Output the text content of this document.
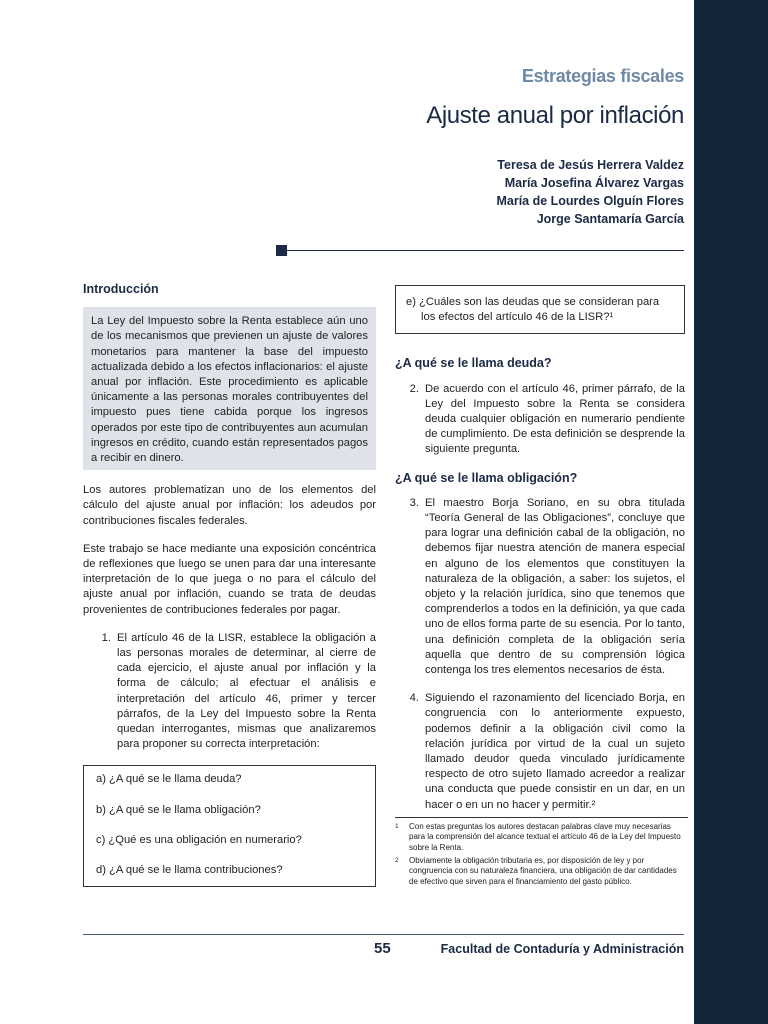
Estrategias fiscales
Ajuste anual por inflación
Teresa de Jesús Herrera Valdez
María Josefina Álvarez Vargas
María de Lourdes Olguín Flores
Jorge Santamaría García
Introducción
La Ley del Impuesto sobre la Renta establece aún uno de los mecanismos que previenen un ajuste de valores monetarios para mantener la base del impuesto actualizada debido a los efectos inflacionarios: el ajuste anual por inflación. Este procedimiento es aplicable únicamente a las personas morales contribuyentes del impuesto pues tiene cabida porque los ingresos operados por este tipo de contribuyentes aun acumulan ingresos en crédito, cuando están representados pagos a recibir en dinero.

Los autores problematizan uno de los elementos del cálculo del ajuste anual por inflación: los adeudos por contribuciones fiscales federales.

Este trabajo se hace mediante una exposición concéntrica de reflexiones que luego se unen para dar una interesante interpretación de lo que juega o no para el cálculo del ajuste anual por inflación, cuando se trata de deudas provenientes de contribuciones federales por pagar.

1. El artículo 46 de la LISR, establece la obligación a las personas morales de determinar, al cierre de cada ejercicio, el ajuste anual por inflación y la forma de cálculo; al efectuar el análisis e interpretación del artículo 46, primer y tercer párrafos, de la Ley del Impuesto sobre la Renta quedan interrogantes, mismas que analizaremos para proponer su correcta interpretación:
a) ¿A qué se le llama deuda?
b) ¿A qué se le llama obligación?
c) ¿Qué es una obligación en numerario?
d) ¿A qué se le llama contribuciones?
e) ¿Cuáles son las deudas que se consideran para
los efectos del artículo 46 de la LISR?¹
¿A qué se le llama deuda?
2. De acuerdo con el artículo 46, primer párrafo, de la Ley del Impuesto sobre la Renta se considera deuda cualquier obligación en numerario pendiente de cumplimiento. De esta definición se desprende la siguiente pregunta.
¿A qué se le llama obligación?
3. El maestro Borja Soriano, en su obra titulada “Teoría General de las Obligaciones”, concluye que para lograr una definición cabal de la obligación, no debemos fijar nuestra atención de manera especial en alguno de los elementos que constituyen la naturaleza de la obligación, a saber: los sujetos, el objeto y la relación jurídica, sino que tenemos que comprenderlos a todos en la definición, ya que cada uno de ellos forma parte de su esencia. Por lo tanto, una definición completa de la obligación sería aquella que dentro de su comprensión lógica contenga los tres elementos necesarios de ésta.
4. Siguiendo el razonamiento del licenciado Borja, en congruencia con lo anteriormente expuesto, podemos definir a la obligación civil como la relación jurídica por virtud de la cual un sujeto llamado deudor queda vinculado jurídicamente respecto de otro sujeto llamado acreedor a realizar una conducta que puede consistir en un dar, en un hacer o en un no hacer y permitir.²
1	Con estas preguntas los autores destacan palabras clave muy necesarias para la comprensión del alcance textual el artículo 46 de la Ley del Impuesto sobre la Renta.
2	Obviamente la obligación tributaria es, por disposición de ley y por congruencia con su naturaleza financiera, una obligación de dar cantidades de efectivo que sirven para el financiamiento del gasto público.
55	Facultad de Contaduría y Administración
